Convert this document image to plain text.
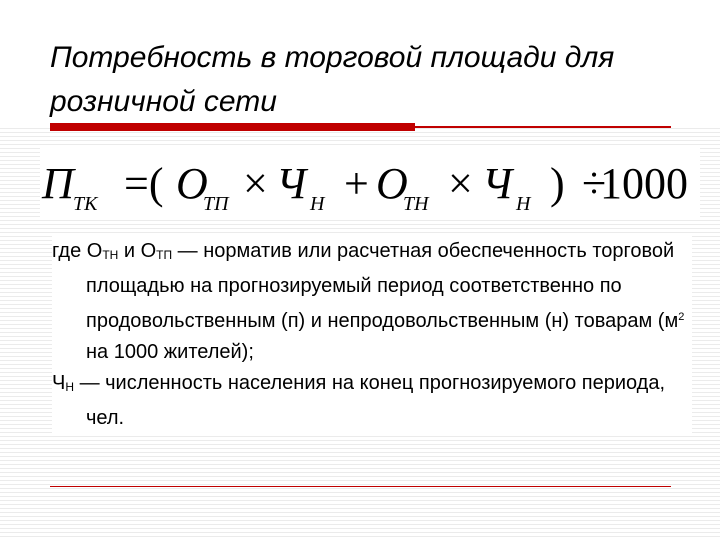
Потребность в торговой площади для розничной сети
П ТК =( О
ТП × Ч Н + О
ТН × Ч Н ) ÷
1000

где ОТН и ОТП — норматив или расчетная обеспеченность торговой площадью на прогнозируемый период соответственно по продовольственным (п) и непродовольственным (н) товарам ($м^2$ на 1000 жителей);

ЧН — численность населения на конец прогнозируемого периода, чел.
